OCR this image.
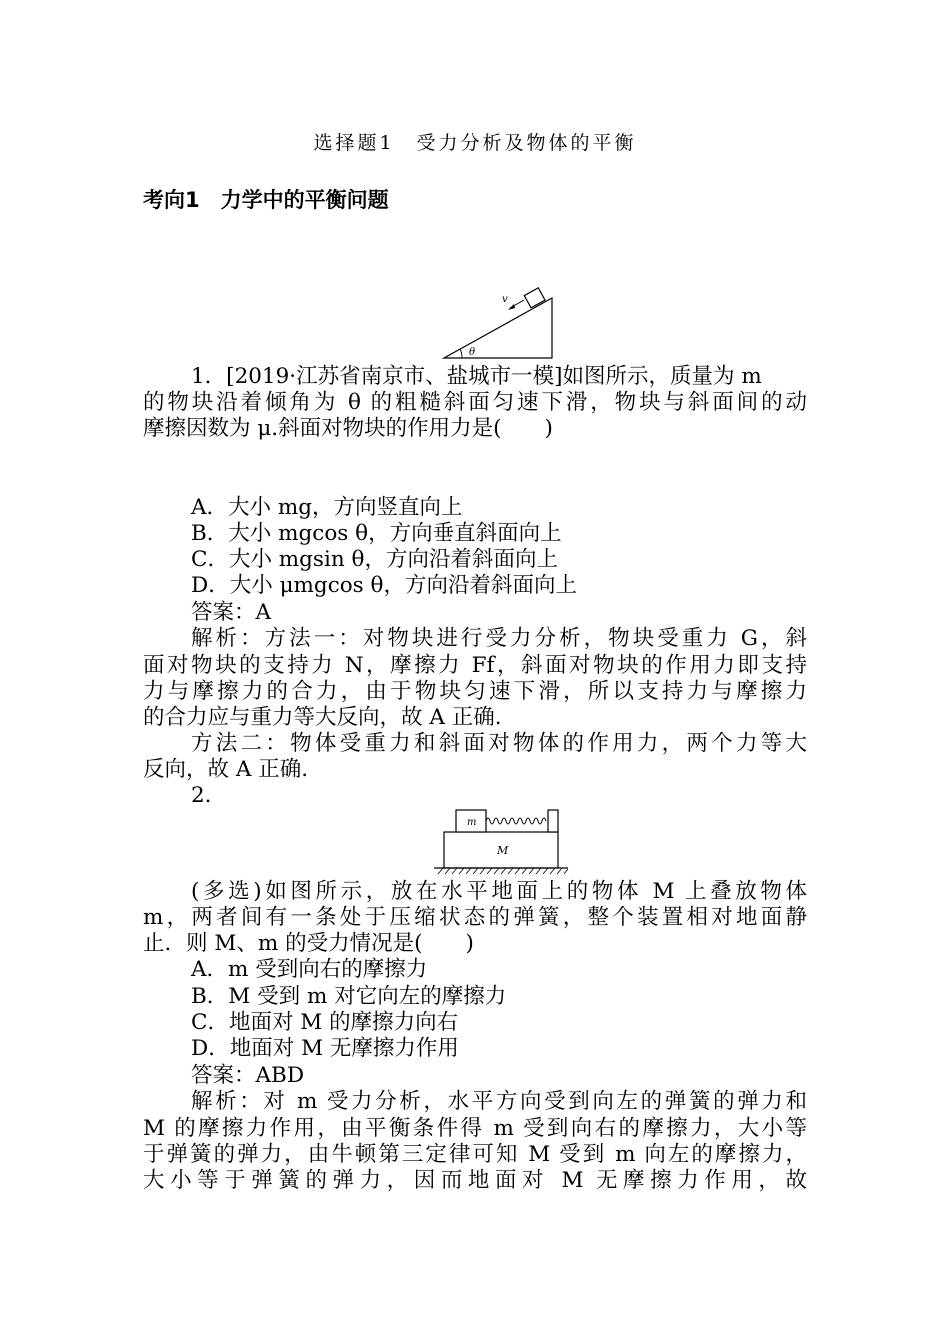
选择题1　受力分析及物体的平衡
考向1　力学中的平衡问题
v
θ
1．[2019·江苏省南京市、盐城市一模]如图所示，质量为 m
的物块沿着倾角为 θ 的粗糙斜面匀速下滑，物块与斜面间的动
摩擦因数为 μ.斜面对物块的作用力是(　　)
A．大小 mg，方向竖直向上
B．大小 mgcos θ，方向垂直斜面向上
C．大小 mgsin θ，方向沿着斜面向上
D．大小 μmgcos θ，方向沿着斜面向上
答案：A
解析：方法一：对物块进行受力分析，物块受重力 G，斜
面对物块的支持力 N，摩擦力 Ff，斜面对物块的作用力即支持
力与摩擦力的合力，由于物块匀速下滑，所以支持力与摩擦力
的合力应与重力等大反向，故 A 正确.
方法二：物体受重力和斜面对物体的作用力，两个力等大
反向，故 A 正确.
2.
m
M
(多选)如图所示，放在水平地面上的物体 M 上叠放物体
m，两者间有一条处于压缩状态的弹簧，整个装置相对地面静
止．则 M、m 的受力情况是(　　)
A．m 受到向右的摩擦力
B．M 受到 m 对它向左的摩擦力
C．地面对 M 的摩擦力向右
D．地面对 M 无摩擦力作用
答案：ABD
解析：对 m 受力分析，水平方向受到向左的弹簧的弹力和
M 的摩擦力作用，由平衡条件得 m 受到向右的摩擦力，大小等
于弹簧的弹力，由牛顿第三定律可知 M 受到 m 向左的摩擦力，
大小等于弹簧的弹力，因而地面对 M 无摩擦力作用，故
